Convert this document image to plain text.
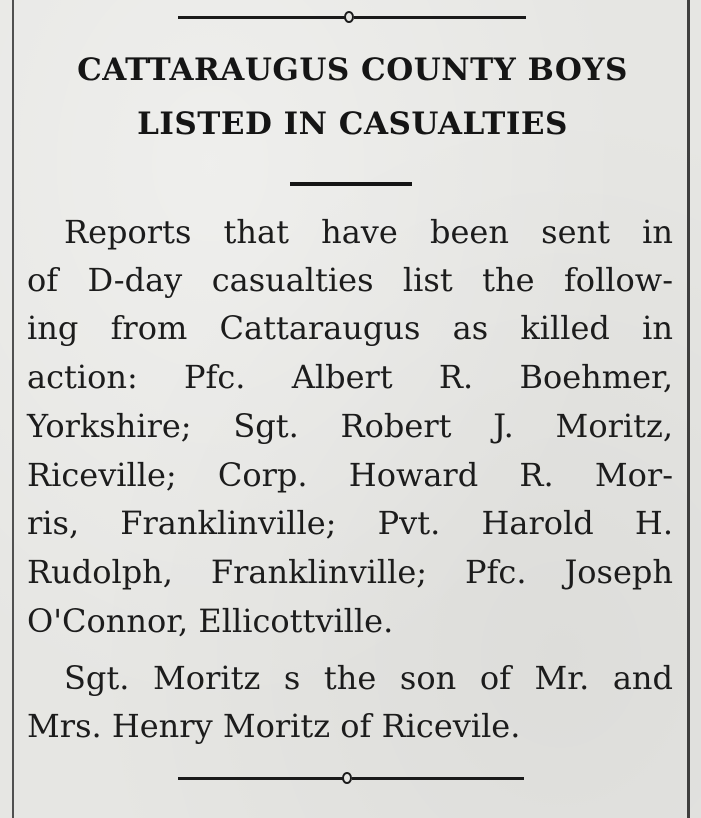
CATTARAUGUS COUNTY BOYS
LISTED IN CASUALTIES
Reports that have been sent in
of D-day casualties list the follow-
ing from Cattaraugus as killed in
action: Pfc. Albert R. Boehmer,
Yorkshire; Sgt. Robert J. Moritz,
Riceville; Corp. Howard R. Mor-
ris, Franklinville; Pvt. Harold H.
Rudolph, Franklinville; Pfc. Joseph
O'Connor, Ellicottville.
Sgt. Moritz s the son of Mr. and
Mrs. Henry Moritz of Ricevile.
